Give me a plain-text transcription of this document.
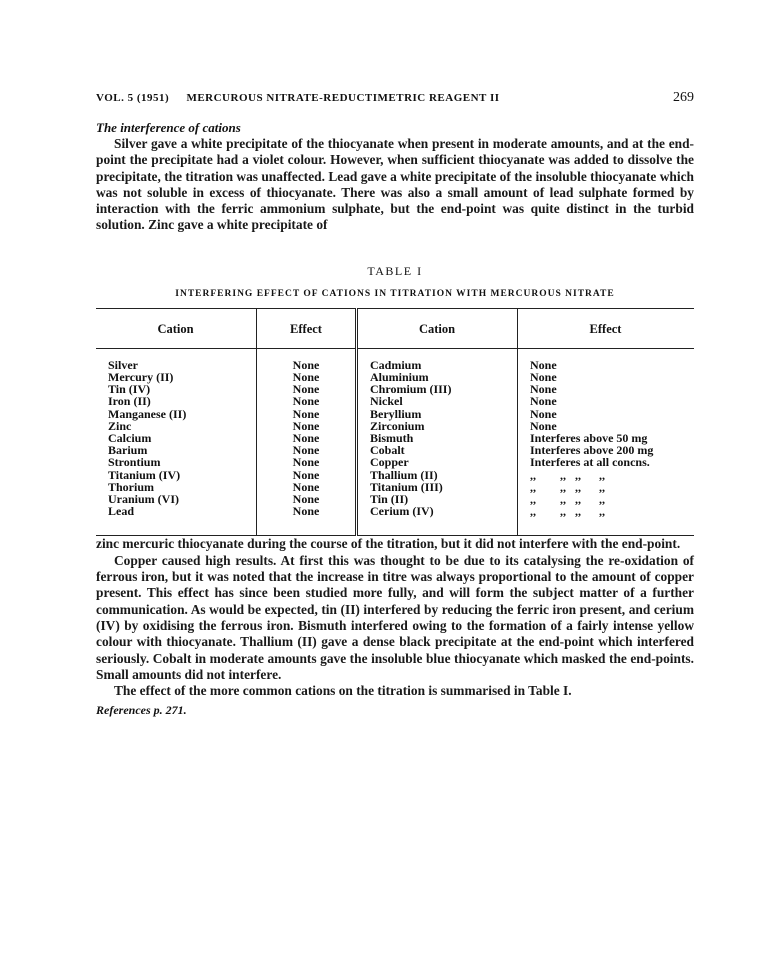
VOL. 5 (1951) MERCUROUS NITRATE-REDUCTIMETRIC REAGENT II	269
The interference of cations

Silver gave a white precipitate of the thiocyanate when present in moderate amounts, and at the end-point the precipitate had a violet colour. However, when sufficient thiocyanate was added to dissolve the precipitate, the titration was unaffected. Lead gave a white precipitate of the insoluble thiocyanate which was not soluble in excess of thiocyanate. There was also a small amount of lead sulphate formed by interaction with the ferric ammonium sulphate, but the end-point was quite distinct in the turbid solution. Zinc gave a white precipitate of

TABLE I
INTERFERING EFFECT OF CATIONS IN TITRATION WITH MERCUROUS NITRATE
Cation	Effect	Cation	Effect
Silver	None	Cadmium	None
Mercury (II)	None	Aluminium	None
Tin (IV)	None	Chromium (III)	None
Iron (II)	None	Nickel	None
Manganese (II)	None	Beryllium	None
Zinc	None	Zirconium	None
Calcium	None	Bismuth	Interferes above 50 mg
Barium	None	Cobalt	Interferes above 200 mg
Strontium	None	Copper	Interferes at all concns.
Titanium (IV)	None	Thallium (II)	,,        ,,   ,,      ,,
Thorium	None	Titanium (III)	,,        ,,   ,,      ,,
Uranium (VI)	None	Tin (II)	,,        ,,   ,,      ,,
Lead	None	Cerium (IV)	,,        ,,   ,,      ,,

zinc mercuric thiocyanate during the course of the titration, but it did not interfere with the end-point.

Copper caused high results. At first this was thought to be due to its catalysing the re-oxidation of ferrous iron, but it was noted that the increase in titre was always proportional to the amount of copper present. This effect has since been studied more fully, and will form the subject matter of a further communication. As would be expected, tin (II) interfered by reducing the ferric iron present, and cerium (IV) by oxidising the ferrous iron. Bismuth interfered owing to the formation of a fairly intense yellow colour with thiocyanate. Thallium (II) gave a dense black precipitate at the end-point which interfered seriously. Cobalt in moderate amounts gave the insoluble blue thiocyanate which masked the end-points. Small amounts did not interfere.

The effect of the more common cations on the titration is summarised in Table I.

References p. 271.
